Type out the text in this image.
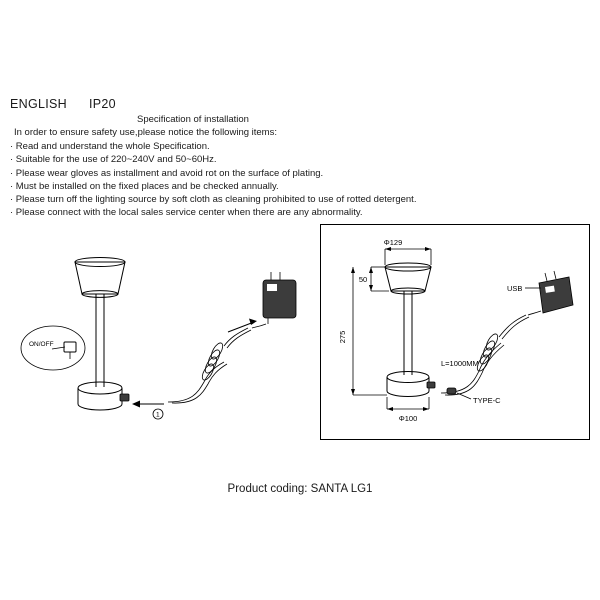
ENGLISH IP20
Specification of installation
In order to ensure safety use,please notice the following items:
· Read and understand the whole Specification.
· Suitable for the use of 220~240V and 50~60Hz.
· Please wear gloves as installment and avoid rot on the surface of plating.
· Must be installed on the fixed places and be checked annually.
· Please turn off the lighting source by soft cloth as cleaning prohibited to use of rotted detergent.
· Please connect with the local sales service center when there are any abnormality.
ON/OFF
1
Φ129
50
275
Φ100
USB
L=1000MM
TYPE-C
Product coding: SANTA LG1
